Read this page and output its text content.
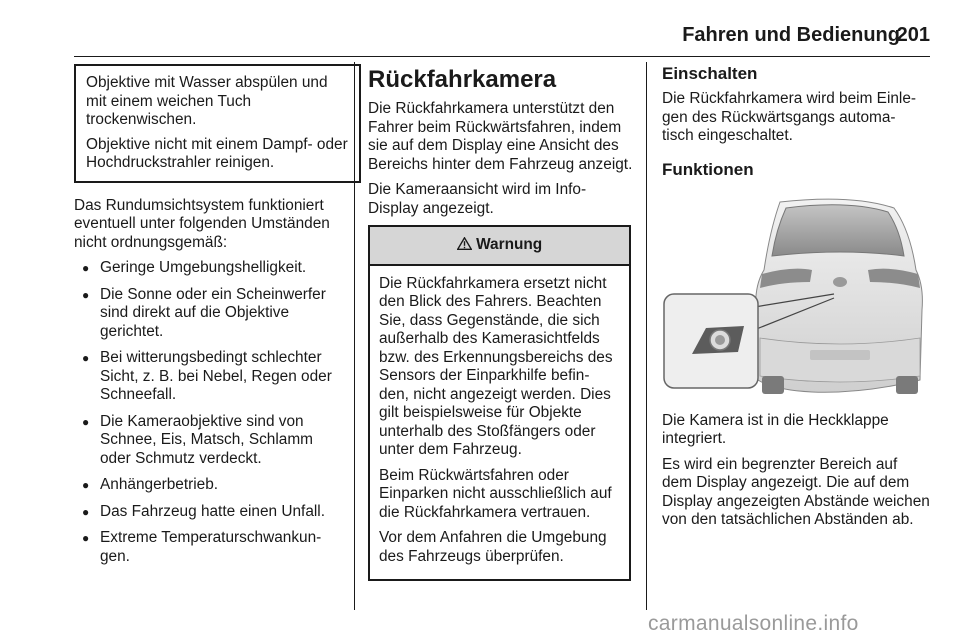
Fahren und Bedienung
201

Objektive mit Wasser abspülen und mit einem weichen Tuch trockenwischen.

Objektive nicht mit einem Dampf- oder Hochdruckstrahler reinigen.

Das Rundumsichtsystem funktioniert eventuell unter folgenden Umständen nicht ordnungsgemäß:

● Geringe Umgebungshelligkeit.
● Die Sonne oder ein Scheinwerfer sind direkt auf die Objektive gerichtet.
● Bei witterungsbedingt schlechter Sicht, z. B. bei Nebel, Regen oder Schneefall.
● Die Kameraobjektive sind von Schnee, Eis, Matsch, Schlamm oder Schmutz verdeckt.
● Anhängerbetrieb.
● Das Fahrzeug hatte einen Unfall.
● Extreme Temperaturschwankun- gen.
Rückfahrkamera

Die Rückfahrkamera unterstützt den Fahrer beim Rückwärtsfahren, indem sie auf dem Display eine Ansicht des Bereichs hinter dem Fahrzeug anzeigt.

Die Kameraansicht wird im Info- Display angezeigt.

Warnung

Die Rückfahrkamera ersetzt nicht den Blick des Fahrers. Beachten Sie, dass Gegenstände, die sich außerhalb des Kamerasichtfelds bzw. des Erkennungsbereichs des Sensors der Einparkhilfe befin- den, nicht angezeigt werden. Dies gilt beispielsweise für Objekte unterhalb des Stoßfängers oder unter dem Fahrzeug.

Beim Rückwärtsfahren oder Einparken nicht ausschließlich auf die Rückfahrkamera vertrauen.

Vor dem Anfahren die Umgebung des Fahrzeugs überprüfen.

Einschalten

Die Rückfahrkamera wird beim Einle- gen des Rückwärtsgangs automa- tisch eingeschaltet.

Funktionen

Die Kamera ist in die Heckklappe integriert.

Es wird ein begrenzter Bereich auf dem Display angezeigt. Die auf dem Display angezeigten Abstände weichen von den tatsächlichen Abständen ab.

carmanualsonline.info
